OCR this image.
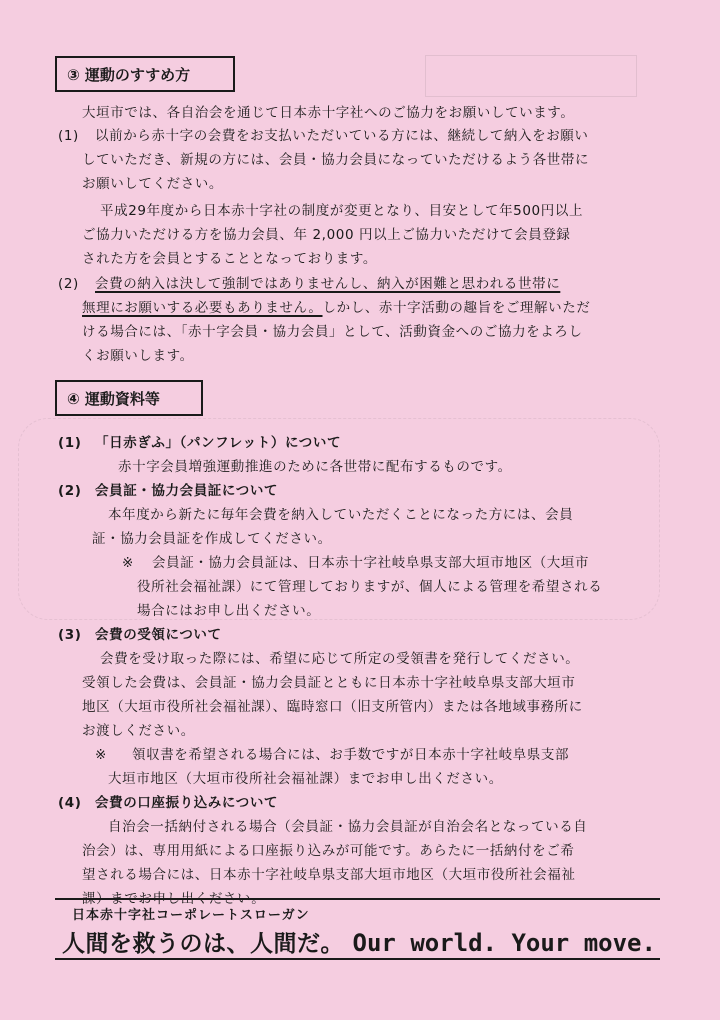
③ 運動のすすめ方
大垣市では、各自治会を通じて日本赤十字社へのご協力をお願いしています。
(1) 以前から赤十字の会費をお支払いただいている方には、継続して納入をお願い
していただき、新規の方には、会員・協力会員になっていただけるよう各世帯に
お願いしてください。
平成29年度から日本赤十字社の制度が変更となり、目安として年500円以上
ご協力いただける方を協力会員、年 2,000 円以上ご協力いただけて会員登録
された方を会員とすることとなっております。
(2) 会費の納入は決して強制ではありませんし、納入が困難と思われる世帯に
無理にお願いする必要もありません。しかし、赤十字活動の趣旨をご理解いただ
ける場合には、「赤十字会員・協力会員」として、活動資金へのご協力をよろし
くお願いします。
④ 運動資料等
(1) 「日赤ぎふ」（パンフレット）について
赤十字会員増強運動推進のために各世帯に配布するものです。
(2) 会員証・協力会員証について
本年度から新たに毎年会費を納入していただくことになった方には、会員
証・協力会員証を作成してください。
※ 会員証・協力会員証は、日本赤十字社岐阜県支部大垣市地区（大垣市
役所社会福祉課）にて管理しておりますが、個人による管理を希望される
場合にはお申し出ください。
(3) 会費の受領について
会費を受け取った際には、希望に応じて所定の受領書を発行してください。
受領した会費は、会員証・協力会員証とともに日本赤十字社岐阜県支部大垣市
地区（大垣市役所社会福祉課）、臨時窓口（旧支所管内）または各地域事務所に
お渡しください。
※ 領収書を希望される場合には、お手数ですが日本赤十字社岐阜県支部
大垣市地区（大垣市役所社会福祉課）までお申し出ください。
(4) 会費の口座振り込みについて
自治会一括納付される場合（会員証・協力会員証が自治会名となっている自
治会）は、専用用紙による口座振り込みが可能です。あらたに一括納付をご希
望される場合には、日本赤十字社岐阜県支部大垣市地区（大垣市役所社会福祉
課）までお申し出ください。
日本赤十字社コーポレートスローガン
人間を救うのは、人間だ。 Our world. Your move.
